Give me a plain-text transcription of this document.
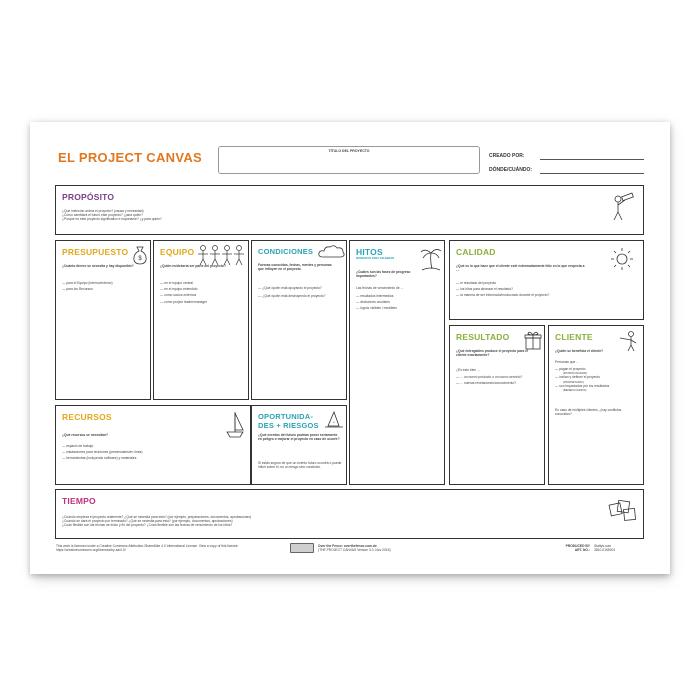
EL PROJECT CANVAS	TÍTULO DEL PROYECTO
CREADO POR:
DÓNDE/CUÁNDO:
PROPÓSITO
¿Qué intención anima el proyecto? (causa y necesidad)
¿Cómo cambiará el futuro este proyecto? ¿para quién?
¿Porqué es este proyecto significativo e importante? ¿y para quién?
PRESUPUESTO
$
¿Cuánto dinero se necesita y hay disponible?
— para el Equipo (interno/externo)
— para los Recursos
RECURSOS
¿Qué recursos se necesitan?
— espacio de trabajo
— instalaciones para reuniones (presenciales/en línea)
— herramientas (incluyendo software) y materiales
EQUIPO
¿Quién es/debería ser parte del proyecto?
— en el equipo central
— en el equipo extendido
— como socios externos
— como project leader/manager
CONDICIONES
Fuerzas conocidas, fechas, mentes y personas que influyen en el proyecto.
— ¿Qué /quién está apoyando el proyecto?
— ¿Qué /quién está destruyendo el proyecto?
OPORTUNIDA-DES + RIESGOS	*
¿Qué eventos del futuro podrían poner seriamente en peligro o mejorar el proyecto en caso de ocurrir?
Si estás seguro de que un evento futuro ocurrirá o puede influir sobre él, es un riesgo sino condición.
HITOS
MOMENTOS PARA CELEBRAR
¿Cuáles son las fases de progreso importantes?
Las fechas de vencimiento de ...
— resultados intermedios
— decisiones cruciales
— logros visibles / medibles
CALIDAD
¿Qué es lo que hace que el cliente esté extremadamente feliz en lo que respecta a ...
— el resultado del proyecto
— los hitos para alcanzar el resultado?
— la manera de ser informado/involucrado durante el proyecto?
RESULTADO
¿Qué entregables produce el proyecto para el cliente exactamente?
¿Es esto bien ...
— ... un nuevo producto o un nuevo servicio?
— ... nuevas revelaciones/conocimiento?
CLIENTE
¿Quién se beneficia el cliente?
Personas que ...
— pagan el proyecto
(PATROCINADOR)
— inician y definen el proyecto
(PROPIETARIO)
— son impactados por los resultados
(BENEFICIARIOS)
En caso de múltiples clientes, ¿hay conflictos conocidos?
TIEMPO
¿Cuándo empieza el proyecto realmente? ¿Qué se necesita para esto? (por ejemplo, preparaciones, documentos, aprobaciones)
¿Cuándo se dará el proyecto por terminado? ¿Qué se necesita para esto? (por ejemplo, documentos, aprobaciones)
¿Cuán flexible son las fechas de inicio y fin del proyecto? ¿Cuán flexible son las fechas de vencimiento de los hitos?
This work is licensed under a Creative Commons Attribution-ShareAlike 4.0 International License. View a copy of this license: https://creativecommons.org/licenses/by-sa/4.0/
Over the Fence: overthefence.com.de
(THE PROJECT CANVAS Version 3.0, Nov 2016)
PRODUCED BY
ART. NO.:
Stattys.com
3810-0165001
